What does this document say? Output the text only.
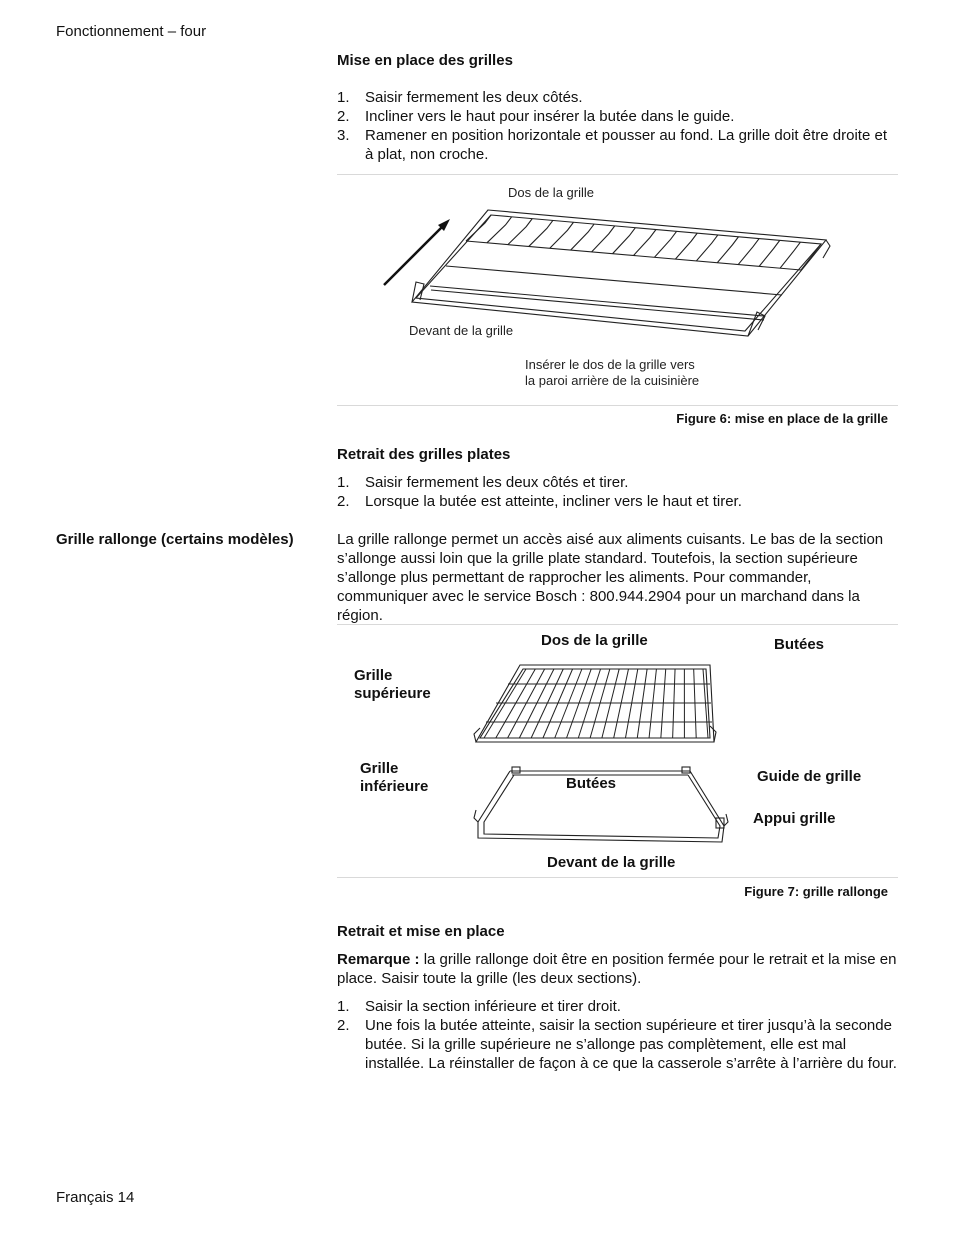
Fonctionnement – four
Mise en place des grilles
1. Saisir fermement les deux côtés.
2. Incliner vers le haut pour insérer la butée dans le guide.
3. Ramener en position horizontale et pousser au fond. La grille doit être droite et à plat, non croche.
Dos de la grille
Devant de la grille
Insérer le dos de la grille vers
la paroi arrière de la cuisinière
Figure 6: mise en place de la grille
Retrait des grilles plates
1. Saisir fermement les deux côtés et tirer.
2. Lorsque la butée est atteinte, incliner vers le haut et tirer.
Grille rallonge (certains modèles)	La grille rallonge permet un accès aisé aux aliments cuisants. Le bas de la section s’allonge aussi loin que la grille plate standard. Toutefois, la section supérieure s’allonge plus permettant de rapprocher les aliments. Pour commander, communiquer avec le service Bosch : 800.944.2904 pour un marchand dans la région.
Dos de la grille	Butées
Grille
supérieure
Grille
inférieure	Butées	Guide de grille
Appui grille
Devant de la grille
Figure 7: grille rallonge
Retrait et mise en place
Remarque : la grille rallonge doit être en position fermée pour le retrait et la mise en place. Saisir toute la grille (les deux sections).
1. Saisir la section inférieure et tirer droit.
2. Une fois la butée atteinte, saisir la section supérieure et tirer jusqu’à la seconde butée. Si la grille supérieure ne s’allonge pas complètement, elle est mal installée. La réinstaller de façon à ce que la casserole s’arrête à l’arrière du four.
Français 14
